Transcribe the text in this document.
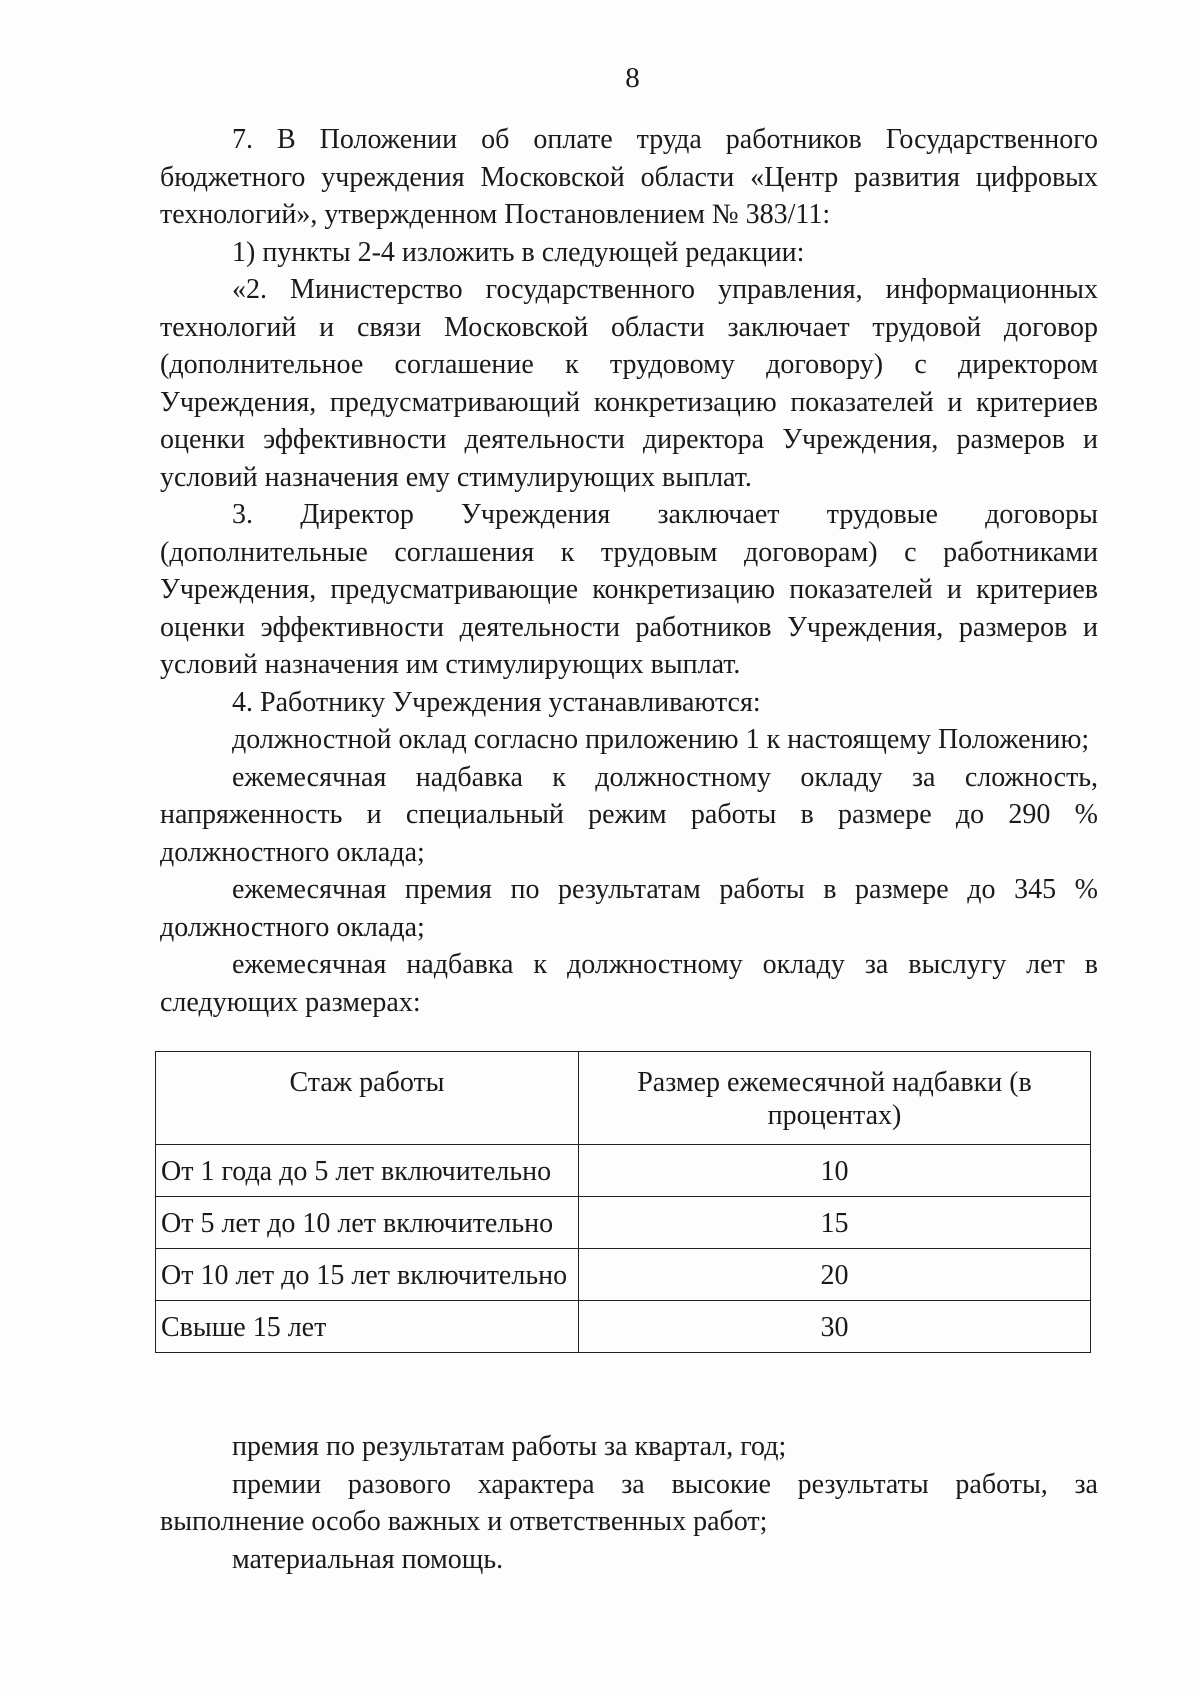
8

7. В Положении об оплате труда работников Государственного бюджетного учреждения Московской области «Центр развития цифровых технологий», утвержденном Постановлением № 383/11:

1) пункты 2-4 изложить в следующей редакции:

«2. Министерство государственного управления, информационных технологий и связи Московской области заключает трудовой договор (дополнительное соглашение к трудовому договору) с директором Учреждения, предусматривающий конкретизацию показателей и критериев оценки эффективности деятельности директора Учреждения, размеров и условий назначения ему стимулирующих выплат.

3. Директор Учреждения заключает трудовые договоры (дополнительные соглашения к трудовым договорам) с работниками Учреждения, предусматривающие конкретизацию показателей и критериев оценки эффективности деятельности работников Учреждения, размеров и условий назначения им стимулирующих выплат.

4. Работнику Учреждения устанавливаются:

должностной оклад согласно приложению 1 к настоящему Положению;

ежемесячная надбавка к должностному окладу за сложность, напряженность и специальный режим работы в размере до 290 % должностного оклада;

ежемесячная премия по результатам работы в размере до 345 % должностного оклада;

ежемесячная надбавка к должностному окладу за выслугу лет в следующих размерах:

Стаж работы	Размер ежемесячной надбавки (в процентах)
От 1 года до 5 лет включительно	10
От 5 лет до 10 лет включительно	15
От 10 лет до 15 лет включительно	20
Свыше 15 лет	30

премия по результатам работы за квартал, год;

премии разового характера за высокие результаты работы, за выполнение особо важных и ответственных работ;

материальная помощь.
